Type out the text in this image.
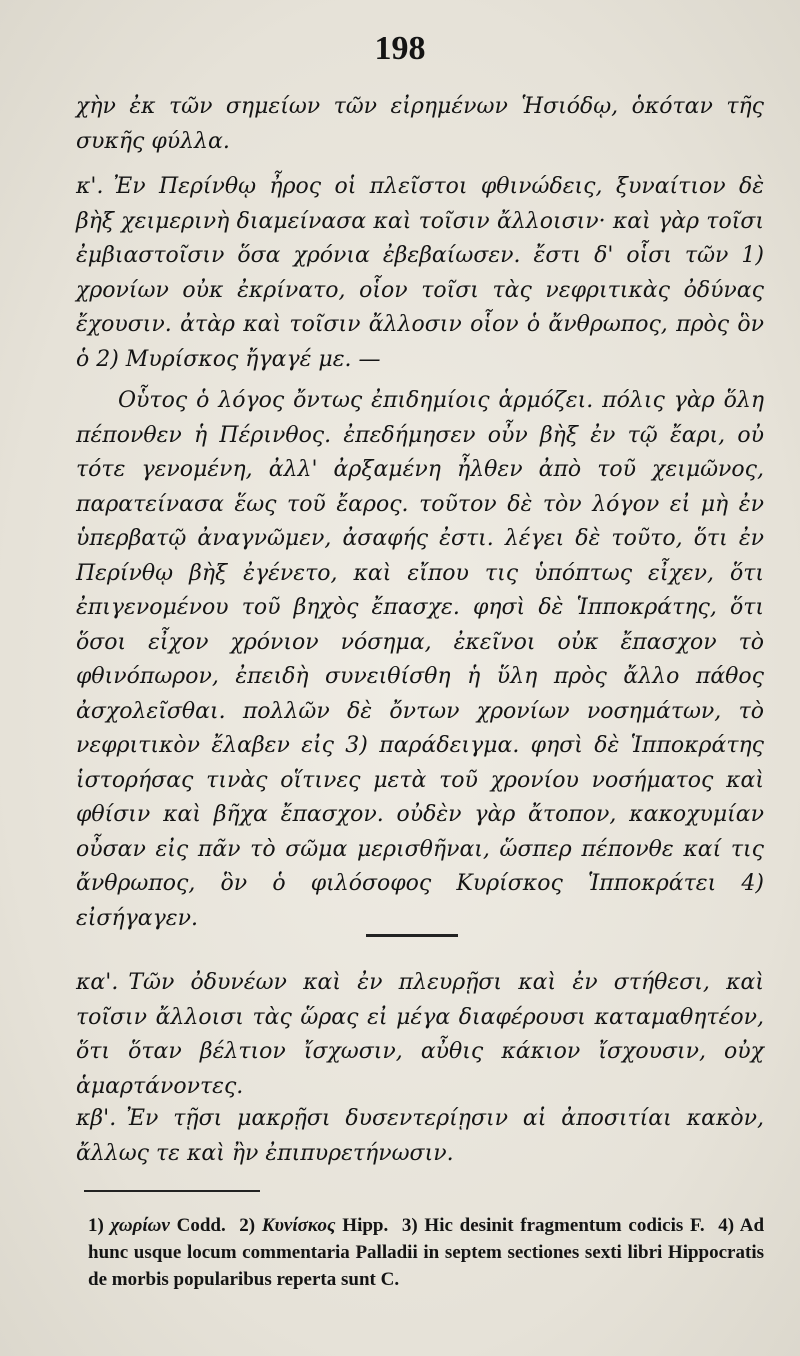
198

χὴν ἐκ τῶν σημείων τῶν εἰρημένων Ἡσιόδῳ, ὁκόταν τῆς συκῆς φύλλα.

κ'. Ἐν Περίνθῳ ἦρος οἱ πλεῖστοι φθινώδεις, ξυναίτιον δὲ βὴξ χειμερινὴ διαμείνασα καὶ τοῖσιν ἄλλοισιν· καὶ γὰρ τοῖσι ἐμβιαστοῖσιν ὅσα χρόνια ἐβεβαίωσεν. ἔστι δ' οἷσι τῶν 1) χρονίων οὐκ ἐκρίνατο, οἷον τοῖσι τὰς νεφριτικὰς ὀδύνας ἔχουσιν. ἀτὰρ καὶ τοῖσιν ἄλλοσιν οἷον ὁ ἄνθρωπος, πρὸς ὃν ὁ 2) Μυρίσκος ἤγαγέ με. —

Οὗτος ὁ λόγος ὄντως ἐπιδημίοις ἁρμόζει. πόλις γὰρ ὅλη πέπονθεν ἡ Πέρινθος. ἐπεδήμησεν οὖν βὴξ ἐν τῷ ἔαρι, οὐ τότε γενομένη, ἀλλ' ἀρξαμένη ἦλθεν ἀπὸ τοῦ χειμῶνος, παρατείνασα ἕως τοῦ ἔαρος. τοῦτον δὲ τὸν λόγον εἰ μὴ ἐν ὑπερβατῷ ἀναγνῶμεν, ἀσαφής ἐστι. λέγει δὲ τοῦτο, ὅτι ἐν Περίνθῳ βὴξ ἐγένετο, καὶ εἴπου τις ὑπόπτως εἶχεν, ὅτι ἐπιγενομένου τοῦ βηχὸς ἔπασχε. φησὶ δὲ Ἱπποκράτης, ὅτι ὅσοι εἶχον χρόνιον νόσημα, ἐκεῖνοι οὐκ ἔπασχον τὸ φθινόπωρον, ἐπειδὴ συνειθίσθη ἡ ὕλη πρὸς ἄλλο πάθος ἀσχολεῖσθαι. πολλῶν δὲ ὄντων χρονίων νοσημάτων, τὸ νεφριτικὸν ἔλαβεν εἰς 3) παράδειγμα. φησὶ δὲ Ἱπποκράτης ἱστορήσας τινὰς οἵτινες μετὰ τοῦ χρονίου νοσήματος καὶ φθίσιν καὶ βῆχα ἔπασχον. οὐδὲν γὰρ ἄτοπον, κακοχυμίαν οὖσαν εἰς πᾶν τὸ σῶμα μερισθῆναι, ὥσπερ πέπονθε καί τις ἄνθρωπος, ὃν ὁ φιλόσοφος Κυρίσκος Ἱπποκράτει 4) εἰσήγαγεν.

κα'. Τῶν ὀδυνέων καὶ ἐν πλευρῇσι καὶ ἐν στήθεσι, καὶ τοῖσιν ἄλλοισι τὰς ὥρας εἰ μέγα διαφέρουσι καταμαθητέον, ὅτι ὅταν βέλτιον ἴσχωσιν, αὖθις κάκιον ἴσχουσιν, οὐχ ἁμαρτάνοντες.

κβ'. Ἐν τῇσι μακρῇσι δυσεντερίῃσιν αἱ ἀποσιτίαι κακὸν, ἄλλως τε καὶ ἢν ἐπιπυρετήνωσιν.

1) χωρίων Codd. 2) Κυνίσκος Hipp. 3) Hic desinit fragmentum codicis F. 4) Ad hunc usque locum commentaria Palladii in septem sectiones sexti libri Hippocratis de morbis popularibus reperta sunt C.
